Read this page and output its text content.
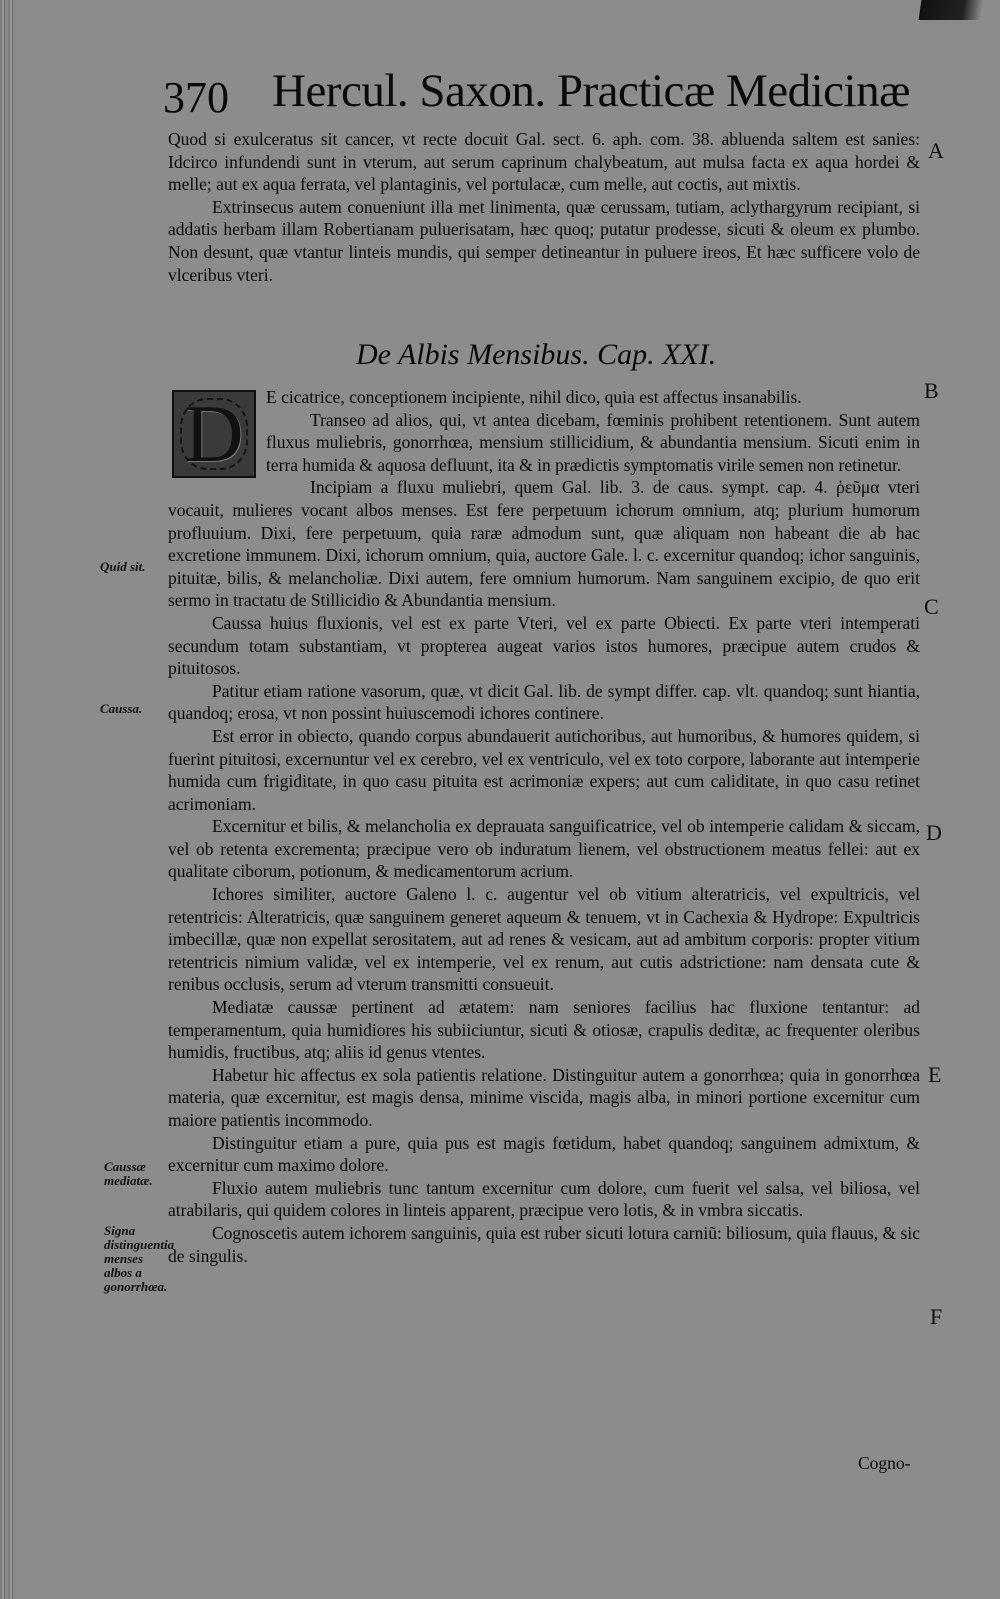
370 Hercul. Saxon. Practicæ Medicinæ

Quod si exulceratus sit cancer, vt recte docuit Gal. sect. 6. aph. com. 38. abluenda saltem est sanies: Idcirco infundendi sunt in vterum, aut serum caprinum chalybeatum, aut mulsa facta ex aqua hordei & melle; aut ex aqua ferrata, vel plantaginis, vel portulacæ, cum melle, aut coctis, aut mixtis.

Extrinsecus autem conueniunt illa met linimenta, quæ cerussam, tutiam, aclythargyrum recipiant, si addatis herbam illam Robertianam puluerisatam, hæc quoq; putatur prodesse, sicuti & oleum ex plumbo. Non desunt, quæ vtantur linteis mundis, qui semper detineantur in puluere ireos, Et hæc sufficere volo de vlceribus vteri.

De Albis Mensibus. Cap. XXI.
D	E cicatrice, conceptionem incipiente, nihil dico, quia est affectus insanabilis.

Transeo ad alios, qui, vt antea dicebam, fœminis prohibent retentionem. Sunt autem fluxus muliebris, gonorrhœa, mensium stillicidium, & abundantia mensium. Sicuti enim in terra humida & aquosa defluunt, ita & in prædictis symptomatis virile semen non retinetur.

Incipiam a fluxu muliebri, quem Gal. lib. 3. de caus. sympt. cap. 4. ῥεῦμα vteri vocauit, mulieres vocant albos menses. Est fere perpetuum ichorum omnium, atq; plurium humorum profluuium. Dixi, fere perpetuum, quia raræ admodum sunt, quæ aliquam non habeant die ab hac excretione immunem. Dixi, ichorum omnium, quia, auctore Gale. l. c. excernitur quandoq; ichor sanguinis, pituitæ, bilis, & melancholiæ. Dixi autem, fere omnium humorum. Nam sanguinem excipio, de quo erit sermo in tractatu de Stillicidio & Abundantia mensium.

Caussa huius fluxionis, vel est ex parte Vteri, vel ex parte Obiecti. Ex parte vteri intemperati secundum totam substantiam, vt propterea augeat varios istos humores, præcipue autem crudos & pituitosos.

Patitur etiam ratione vasorum, quæ, vt dicit Gal. lib. de sympt differ. cap. vlt. quandoq; sunt hiantia, quandoq; erosa, vt non possint huiuscemodi ichores continere.

Est error in obiecto, quando corpus abundauerit autichoribus, aut humoribus, & humores quidem, si fuerint pituitosi, excernuntur vel ex cerebro, vel ex ventriculo, vel ex toto corpore, laborante aut intemperie humida cum frigiditate, in quo casu pituita est acrimoniæ expers; aut cum caliditate, in quo casu retinet acrimoniam.

Excernitur et bilis, & melancholia ex deprauata sanguificatrice, vel ob intemperie calidam & siccam, vel ob retenta excrementa; præcipue vero ob induratum lienem, vel obstructionem meatus fellei: aut ex qualitate ciborum, potionum, & medicamentorum acrium.

Ichores similiter, auctore Galeno l. c. augentur vel ob vitium alteratricis, vel expultricis, vel retentricis: Alteratricis, quæ sanguinem generet aqueum & tenuem, vt in Cachexia & Hydrope: Expultricis imbecillæ, quæ non expellat serositatem, aut ad renes & vesicam, aut ad ambitum corporis: propter vitium retentricis nimium validæ, vel ex intemperie, vel ex renum, aut cutis adstrictione: nam densata cute & renibus occlusis, serum ad vterum transmitti consueuit.

Mediatæ caussæ pertinent ad ætatem: nam seniores facilius hac fluxione tentantur: ad temperamentum, quia humidiores his subiiciuntur, sicuti & otiosæ, crapulis deditæ, ac frequenter oleribus humidis, fructibus, atq; aliis id genus vtentes.

Habetur hic affectus ex sola patientis relatione. Distinguitur autem a gonorrhœa; quia in gonorrhœa materia, quæ excernitur, est magis densa, minime viscida, magis alba, in minori portione excernitur cum maiore patientis incommodo.

Distinguitur etiam a pure, quia pus est magis fœtidum, habet quandoq; sanguinem admixtum, & excernitur cum maximo dolore.

Fluxio autem muliebris tunc tantum excernitur cum dolore, cum fuerit vel salsa, vel biliosa, vel atrabilaris, qui quidem colores in linteis apparent, præcipue vero lotis, & in vmbra siccatis.

Cognoscetis autem ichorem sanguinis, quia est ruber sicuti lotura carniũ: biliosum, quia flauus, & sic de singulis.

Cogno-
Quid sit.
Caussa.
Caussæ mediatæ.
Signa distinguentia menses albos a gonorrhœa.
A
B
C
D
E
F
